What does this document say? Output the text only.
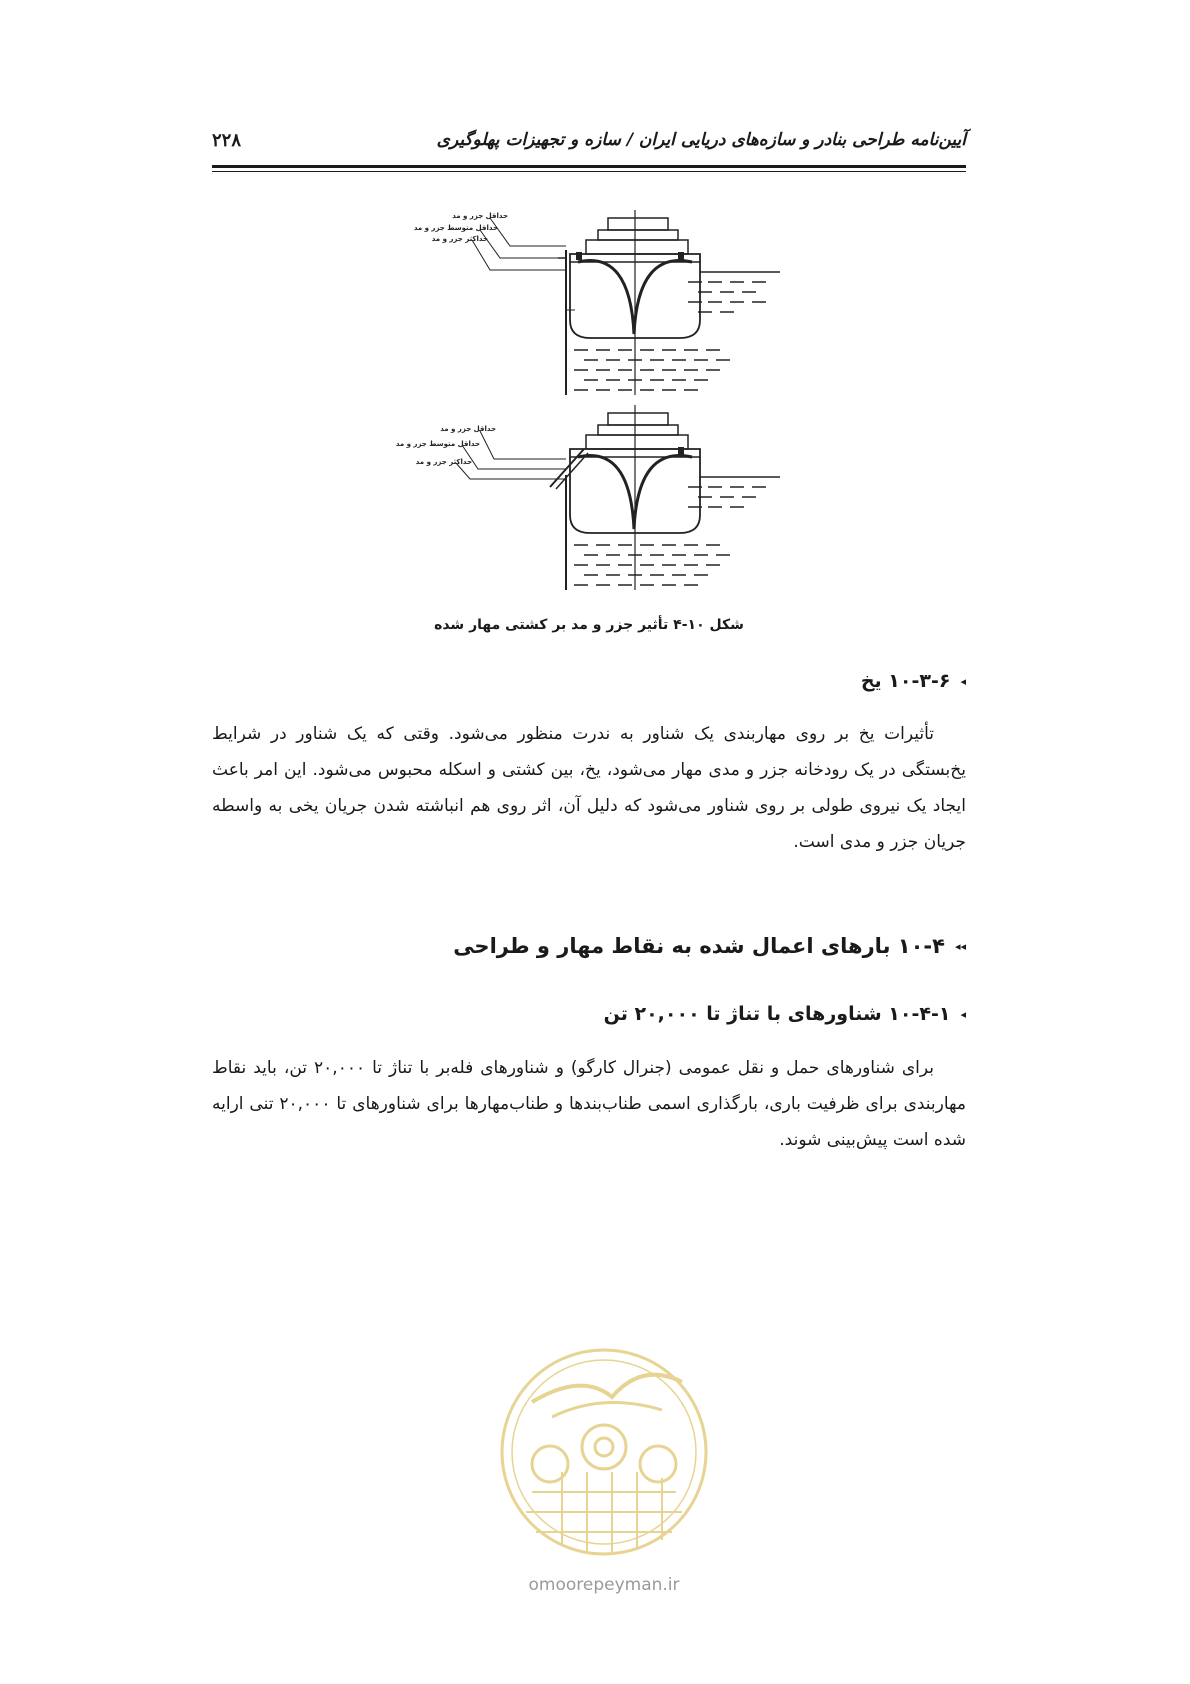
آیین‌نامه طراحی بنادر و سازه‌های دریایی ایران / سازه و تجهیزات پهلوگیری
۲۲۸
حداقل جزر و مد
حداقل متوسط جزر و مد
حداکثر جزر و مد
حداقل جزر و مد
حداقل متوسط جزر و مد
حداکثر جزر و مد
شکل ۱۰-۴ تأثیر جزر و مد بر کشتی مهار شده
◂
۱۰-۳-۶ یخ

تأثیرات یخ بر روی مهاربندی یک شناور به ندرت منظور می‌شود. وقتی که یک شناور در شرایط یخ‌بستگی در یک رودخانه جزر و مدی مهار می‌شود، یخ، بین کشتی و اسکله محبوس می‌شود. این امر باعث ایجاد یک نیروی طولی بر روی شناور می‌شود که دلیل آن، اثر روی هم انباشته شدن جریان یخی به واسطه جریان جزر و مدی است.

◂◂
۱۰-۴ بارهای اعمال شده به نقاط مهار و طراحی
◂
۱۰-۴-۱ شناورهای با تناژ تا ۲۰,۰۰۰ تن

برای شناورهای حمل و نقل عمومی (جنرال کارگو) و شناورهای فله‌بر با تناژ تا ۲۰,۰۰۰ تن، باید نقاط مهاربندی برای ظرفیت باری، بارگذاری اسمی طناب‌بندها و طناب‌مهارها برای شناورهای تا ۲۰,۰۰۰ تنی ارایه شده است پیش‌بینی شوند.

omoorepeyman.ir
